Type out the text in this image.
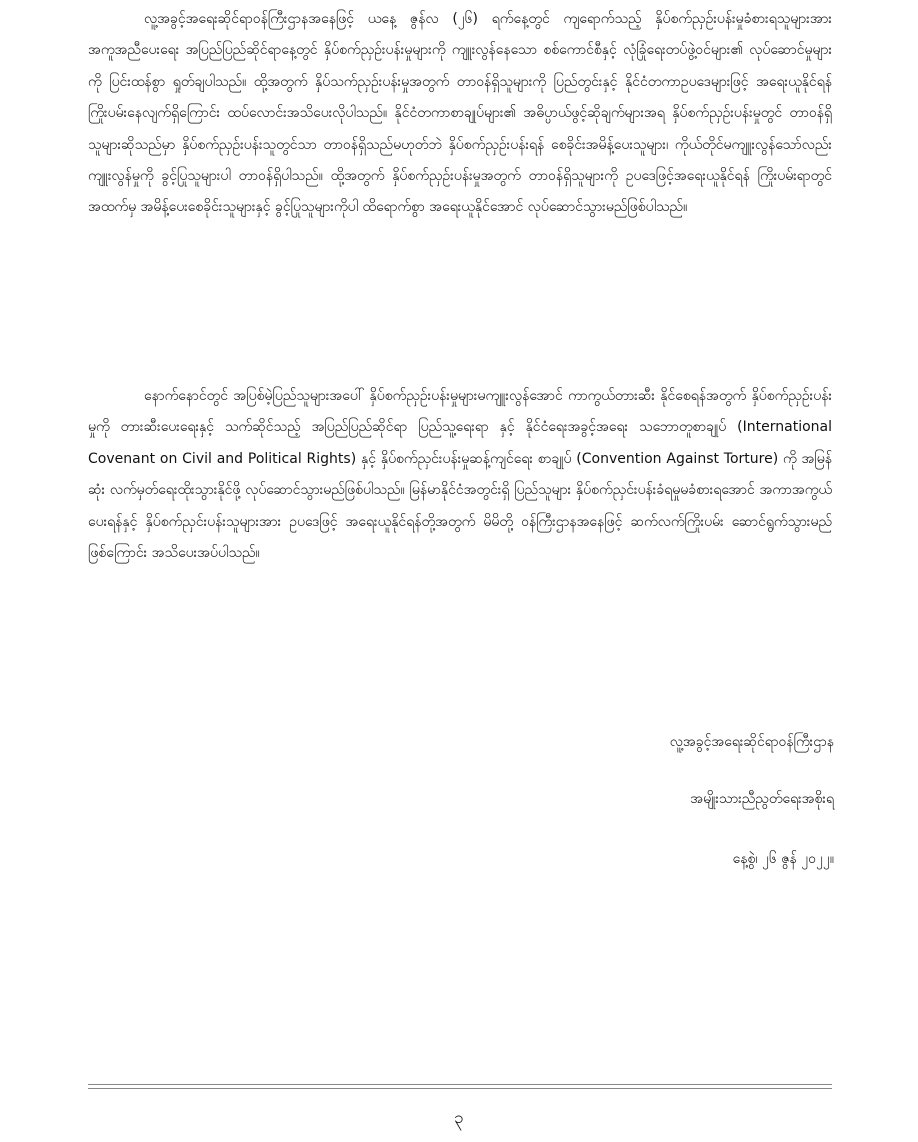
လူ့အခွင့်အရေးဆိုင်ရာဝန်ကြီးဌာနအနေဖြင့် ယနေ့ ဇွန်လ (၂၆) ရက်နေ့တွင် ကျရောက်သည့် နှိပ်စက်ညှဉ်းပန်းမှုခံစားရသူများအား အကူအညီပေးရေး အပြည်ပြည်ဆိုင်ရာနေ့တွင် နှိပ်စက်ညှဉ်းပန်းမှုများကို ကျူးလွန်နေသော စစ်ကောင်စီနှင့် လုံခြုံရေးတပ်ဖွဲ့ဝင်များ၏ လုပ်ဆောင်မှုများကို ပြင်းထန်စွာ ရှုတ်ချပါသည်။ ထို့အတွက် နှိပ်သက်ညှဉ်းပန်းမှုအတွက် တာဝန်ရှိသူများကို ပြည်တွင်းနှင့် နိုင်ငံတကာဥပဒေများဖြင့် အရေးယူနိုင်ရန် ကြိုးပမ်းနေလျက်ရှိကြောင်း ထပ်လောင်းအသိပေးလိုပါသည်။ နိုင်ငံတကာစာချုပ်များ၏ အဓိပ္ပာယ်ဖွင့်ဆိုချက်များအရ နှိပ်စက်ညှဉ်းပန်းမှုတွင် တာဝန်ရှိသူများဆိုသည်မှာ နှိပ်စက်ညှဉ်းပန်းသူတွင်သာ တာဝန်ရှိသည်မဟုတ်ဘဲ နှိပ်စက်ညှဉ်းပန်းရန် စေခိုင်းအမိန့်ပေးသူများ၊ ကိုယ်တိုင်မကျူးလွန်သော်လည်း ကျူးလွန်မှုကို ခွင့်ပြုသူများပါ တာဝန်ရှိပါသည်။ ထို့အတွက် နှိပ်စက်ညှဉ်းပန်းမှုအတွက် တာဝန်ရှိသူများကို ဥပဒေဖြင့်အရေးယူနိုင်ရန် ကြိုးပမ်းရာတွင် အထက်မှ အမိန့်ပေးစေခိုင်းသူများနှင့် ခွင့်ပြုသူများကိုပါ ထိရောက်စွာ အရေးယူနိုင်အောင် လုပ်ဆောင်သွားမည်ဖြစ်ပါသည်။

နောက်နောင်တွင် အပြစ်မဲ့ပြည်သူများအပေါ် နှိပ်စက်ညှဉ်းပန်းမှုများမကျူးလွန်အောင် ကာကွယ်တားဆီး နိုင်စေရန်အတွက် နှိပ်စက်ညှဉ်းပန်းမှုကို တားဆီးပေးရေးနှင့် သက်ဆိုင်သည့် အပြည်ပြည်ဆိုင်ရာ ပြည်သူ့ရေးရာ နှင့် နိုင်ငံရေးအခွင့်အရေး သဘောတူစာချုပ် (International Covenant on Civil and Political Rights) နှင့် နှိပ်စက်ညှင်းပန်းမှုဆန့်ကျင်ရေး စာချုပ် (Convention Against Torture) ကို အမြန်ဆုံး လက်မှတ်ရေးထိုးသွားနိုင်ဖို့ လုပ်ဆောင်သွားမည်ဖြစ်ပါသည်။ မြန်မာနိုင်ငံအတွင်းရှိ ပြည်သူများ နှိပ်စက်ညှင်းပန်းခံရမှုမခံစားရအောင် အကာအကွယ်ပေးရန်နှင့် နှိပ်စက်ညှင်းပန်းသူများအား ဥပဒေဖြင့် အရေးယူနိုင်ရန်တို့အတွက် မိမိတို့ ဝန်ကြီးဌာနအနေဖြင့် ဆက်လက်ကြိုးပမ်း ဆောင်ရွက်သွားမည် ဖြစ်ကြောင်း အသိပေးအပ်ပါသည်။

လူ့အခွင့်အရေးဆိုင်ရာဝန်ကြီးဌာန
အမျိုးသားညီညွတ်ရေးအစိုးရ
နေ့စွဲ၊ ၂၆ ဇွန် ၂၀၂၂။
၃
